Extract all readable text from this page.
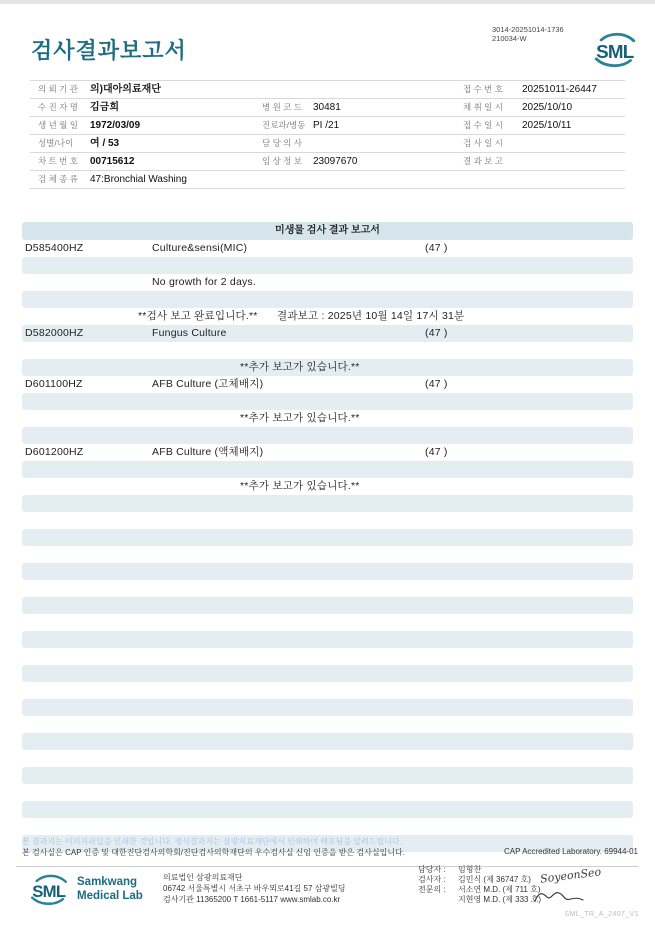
검사결과보고서
3014-20251014-1736
210034-W
SML
의 뢰 기 관	의)대아의료재단	접 수 번 호	20251011-26447
수 진 자 명	김금희	병 원 코 드	30481	채 취 일 시	2025/10/10
생 년 월 일	1972/03/09	진료과/병동 PI /21	접 수 일 시	2025/10/11
성별/나이	여 / 53	담 당 의 사	검 사 일 시
차 트 번 호	00715612	임 상 정 보	23097670	결 과 보 고
검 체 종 류	47:Bronchial Washing
미생물 검사 결과 보고서
D585400HZ	Culture&sensi(MIC)	(47 )
No growth for 2 days.
**검사 보고 완료입니다.** 결과보고 : 2025년 10월 14일 17시 31분
D582000HZ	Fungus Culture	(47 )
**추가 보고가 있습니다.**
D601100HZ	AFB Culture (고체배지)	(47 )
**추가 보고가 있습니다.**
D601200HZ	AFB Culture (액체배지)	(47 )
**추가 보고가 있습니다.**
본 결과지는 이미지파일을 인쇄한 것입니다. 정식결과지는 삼광의료재단에서 인쇄하여 배포됨을 알려드립니다.
본 검사실은 CAP 인증 및 대한진단검사의학회/진단검사의학재단의 우수검사실 신임 인증을 받은 검사실입니다.	CAP Accredited Laboratory. 69944-01
SML Samkwang
Medical Lab
의료법인 삼광의료재단
06742 서울특별시 서초구 바우뫼로41길 57 삼광빌딩
검사기관 11365200 T 1661-5117 www.smlab.co.kr
담당자 : 임형찬
검사자 : 김민식 (제 36747 호)
전문의 : 서소연 M.D. (제 711 호)
지현영 M.D. (제 333 호)
SoyeonSeo
SML_TR_A_2407_V1
